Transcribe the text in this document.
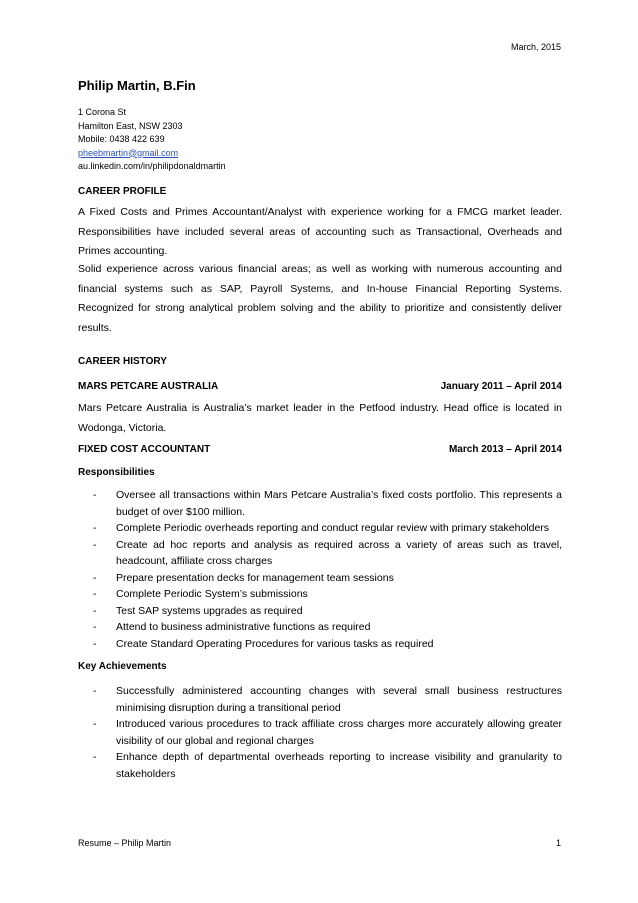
March, 2015
Philip Martin, B.Fin
1 Corona St
Hamilton East, NSW 2303
Mobile: 0438 422 639
pheebmartin@gmail.com
au.linkedin.com/in/philipdonaldmartin
CAREER PROFILE
A Fixed Costs and Primes Accountant/Analyst with experience working for a FMCG market leader. Responsibilities have included several areas of accounting such as Transactional, Overheads and Primes accounting.
Solid experience across various financial areas; as well as working with numerous accounting and financial systems such as SAP, Payroll Systems, and In-house Financial Reporting Systems. Recognized for strong analytical problem solving and the ability to prioritize and consistently deliver results.
CAREER HISTORY
MARS PETCARE AUSTRALIA	January 2011 – April 2014
Mars Petcare Australia is Australia’s market leader in the Petfood industry. Head office is located in Wodonga, Victoria.
FIXED COST ACCOUNTANT	March 2013 – April 2014
Responsibilities
- Oversee all transactions within Mars Petcare Australia’s fixed costs portfolio. This represents a budget of over $100 million.
- Complete Periodic overheads reporting and conduct regular review with primary stakeholders
- Create ad hoc reports and analysis as required across a variety of areas such as travel, headcount, affiliate cross charges
- Prepare presentation decks for management team sessions
- Complete Periodic System’s submissions
- Test SAP systems upgrades as required
- Attend to business administrative functions as required
- Create Standard Operating Procedures for various tasks as required
Key Achievements
- Successfully administered accounting changes with several small business restructures minimising disruption during a transitional period
- Introduced various procedures to track affiliate cross charges more accurately allowing greater visibility of our global and regional charges
- Enhance depth of departmental overheads reporting to increase visibility and granularity to stakeholders
Resume – Philip Martin	1
